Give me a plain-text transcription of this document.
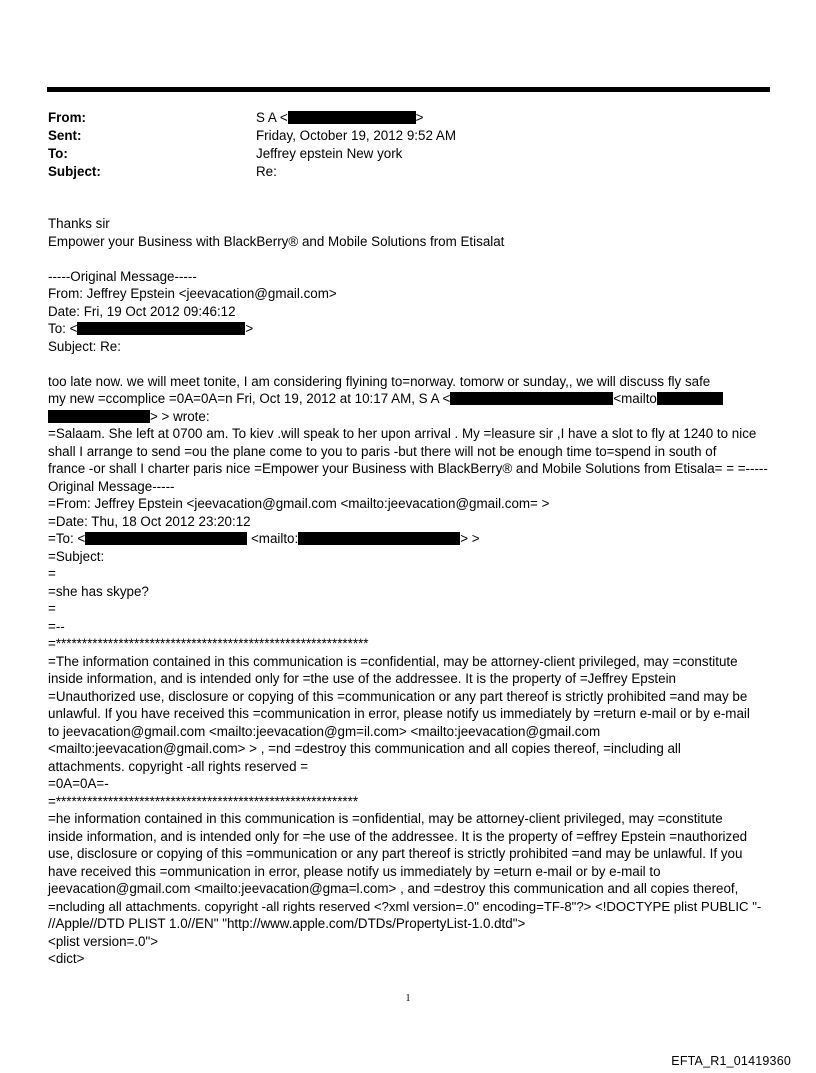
From:	S A <	>
Sent:	Friday, October 19, 2012 9:52 AM
To:	Jeffrey epstein New york
Subject:	Re:
Thanks sir
Empower your Business with BlackBerry® and Mobile Solutions from Etisalat
-----Original Message-----
From: Jeffrey Epstein <jeevacation@gmail.com>
Date: Fri, 19 Oct 2012 09:46:12
To: <	>
Subject: Re:
too late now. we will meet tonite, I am considering flyining to=norway. tomorw or sunday,, we will discuss fly safe
my new =ccomplice =0A=0A=n Fri, Oct 19, 2012 at 10:17 AM, S A <	<mailto
> > wrote:
=Salaam. She left at 0700 am. To kiev .will speak to her upon arrival . My =leasure sir ,I have a slot to fly at 1240 to nice
shall I arrange to send =ou the plane come to you to paris -but there will not be enough time to=spend in south of
france -or shall I charter paris nice =Empower your Business with BlackBerry® and Mobile Solutions from Etisala= = =-----
Original Message-----
=From: Jeffrey Epstein <jeevacation@gmail.com <mailto:jeevacation@gmail.com= >
=Date: Thu, 18 Oct 2012 23:20:12
=To: <	<mailto:	> >
=Subject:
=
=she has skype?
=
=--
=************************************************************
=The information contained in this communication is =confidential, may be attorney-client privileged, may =constitute
inside information, and is intended only for =the use of the addressee. It is the property of =Jeffrey Epstein
=Unauthorized use, disclosure or copying of this =communication or any part thereof is strictly prohibited =and may be
unlawful. If you have received this =communication in error, please notify us immediately by =return e-mail or by e-mail
to jeevacation@gmail.com <mailto:jeevacation@gm=il.com> <mailto:jeevacation@gmail.com
<mailto:jeevacation@gmail.com> > , =nd =destroy this communication and all copies thereof, =including all
attachments. copyright -all rights reserved =
=0A=0A=-
=**********************************************************
=he information contained in this communication is =onfidential, may be attorney-client privileged, may =constitute
inside information, and is intended only for =he use of the addressee. It is the property of =effrey Epstein =nauthorized
use, disclosure or copying of this =ommunication or any part thereof is strictly prohibited =and may be unlawful. If you
have received this =ommunication in error, please notify us immediately by =eturn e-mail or by e-mail to
jeevacation@gmail.com <mailto:jeevacation@gma=l.com> , and =destroy this communication and all copies thereof,
=ncluding all attachments. copyright -all rights reserved <?xml version=.0" encoding=TF-8"?> <!DOCTYPE plist PUBLIC "-
//Apple//DTD PLIST 1.0//EN" "http://www.apple.com/DTDs/PropertyList-1.0.dtd">
<plist version=.0">
<dict>
1
EFTA_R1_01419360
